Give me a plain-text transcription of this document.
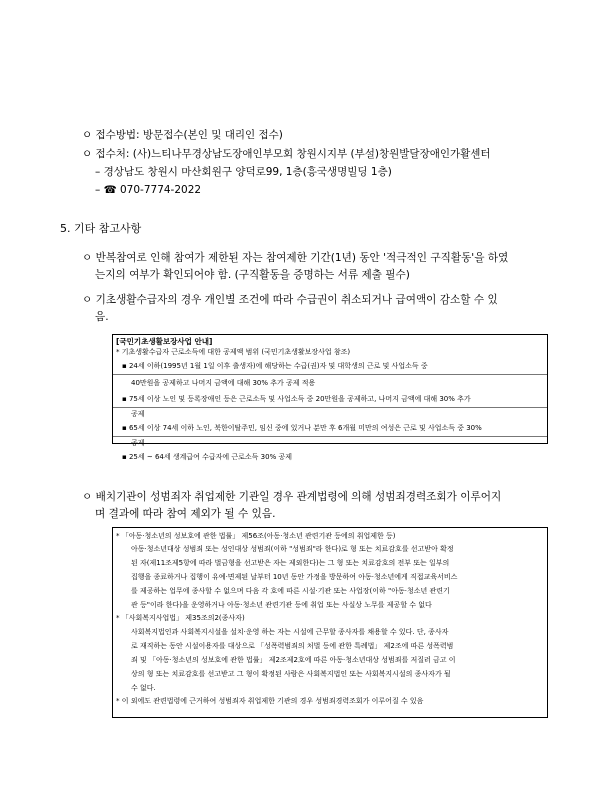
ㅇ 접수방법: 방문접수(본인 및 대리인 접수)
ㅇ 접수처: (사)느티나무경상남도장애인부모회 창원시지부 (부설)창원발달장애인가활센터
– 경상남도 창원시 마산회원구 양덕로99, 1층(흥국생명빌딩 1층)
– ☎ 070-7774-2022
5. 기타 참고사항
ㅇ 반복참여로 인해 참여가 제한된 자는 참여제한 기간(1년) 동안 '적극적인 구직활동'을 하였
는지의 여부가 확인되어야 함. (구직활동을 증명하는 서류 제출 필수)
ㅇ 기초생활수급자의 경우 개인별 조건에 따라 수급권이 취소되거나 급여액이 감소할 수 있
음.
[국민기초생활보장사업 안내]
* 기초생활수급자 근로소득에 대한 공제액 범위 (국민기초생활보장사업 참조)
▪ 24세 이하(1995년 1월 1일 이후 출생자)에 해당하는 수급(권)자 및 대학생의 근로 및 사업소득 중
40만원을 공제하고 나머지 금액에 대해 30% 추가 공제 적용
▪ 75세 이상 노인 및 등록장애인 등은 근로소득 및 사업소득 중 20만원을 공제하고, 나머지 금액에 대해 30% 추가
공제
▪ 65세 이상 74세 이하 노인, 북한이탈주민, 임신 중에 있거나 분만 후 6개월 미만의 여성은 근로 및 사업소득 중 30%
공제
▪ 25세 ~ 64세 생계급여 수급자에 근로소득 30% 공제
ㅇ 배치기관이 성범죄자 취업제한 기관일 경우 관계법령에 의해 성범죄경력조회가 이루어지
며 결과에 따라 참여 제외가 될 수 있음.
* 「아동·청소년의 성보호에 관한 법률」 제56조(아동·청소년 관련기관 등에의 취업제한 등)
아동·청소년대상 성범죄 또는 성인대상 성범죄(이하 "성범죄"라 한다)로 형 또는 치료감호를 선고받아 확정
된 자(제11조제5항에 따라 벌금형을 선고받은 자는 제외한다)는 그 형 또는 치료감호의 전부 또는 일부의
집행을 종료하거나 집행이 유예·면제된 날부터 10년 동안 가정을 방문하여 아동·청소년에게 직접교육서비스
를 제공하는 업무에 종사할 수 없으며 다음 각 호에 따른 시설·기관 또는 사업장(이하 "아동·청소년 관련기
관 등"이라 한다)을 운영하거나 아동·청소년 관련기관 등에 취업 또는 사실상 노무를 제공할 수 없다
* 「사회복지사업법」 제35조의2(종사자)
사회복지법인과 사회복지시설을 설치·운영 하는 자는 시설에 근무할 종사자를 채용할 수 있다. 단, 종사자
로 재직하는 동안 시설이용자를 대상으로 「성폭력범죄의 처벌 등에 관한 특례법」 제2조에 따른 성폭력범
죄 및 「아동·청소년의 성보호에 관한 법률」 제2조제2호에 따른 아동·청소년대상 성범죄를 저질러 금고 이
상의 형 또는 치료감호를 선고받고 그 형이 확정된 사람은 사회복지법인 또는 사회복지시설의 종사자가 될
수 없다.
* 이 외에도 관련법령에 근거하여 성범죄자 취업제한 기관의 경우 성범죄경력조회가 이루어질 수 있음
